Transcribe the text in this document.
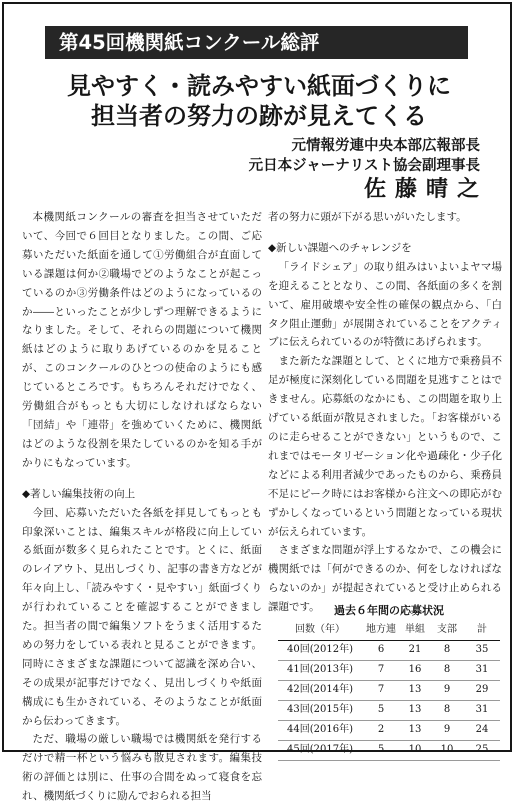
第45回機関紙コンクール総評
見やすく・読みやすい紙面づくりに
担当者の努力の跡が見えてくる
元情報労連中央本部広報部長
元日本ジャーナリスト協会副理事長
佐藤晴之

本機関紙コンクールの審査を担当させていただいて、今回で６回目となりました。この間、ご応募いただいた紙面を通して①労働組合が直面している課題は何か②職場でどのようなことが起こっているのか③労働条件はどのようになっているのか――といったことが少しずつ理解できるようになりました。そして、それらの問題について機関紙はどのように取りあげているのかを見ることが、このコンクールのひとつの使命のようにも感じているところです。もちろんそれだけでなく、労働組合がもっとも大切にしなければならない「団結」や「連帯」を強めていくために、機関紙はどのような役割を果たしているのかを知る手がかりにもなっています。

◆著しい編集技術の向上

今回、応募いただいた各紙を拝見してもっとも印象深いことは、編集スキルが格段に向上している紙面が数多く見られたことです。とくに、紙面のレイアウト、見出しづくり、記事の書き方などが年々向上し、「読みやすく・見やすい」紙面づくりが行われていることを確認することができました。担当者の間で編集ソフトをうまく活用するための努力をしている表れと見ることができます。同時にさまざまな課題について認識を深め合い、その成果が記事だけでなく、見出しづくりや紙面構成にも生かされている、そのようなことが紙面から伝わってきます。

ただ、職場の厳しい職場では機関紙を発行するだけで精一杯という悩みも散見されます。編集技術の評価とは別に、仕事の合間をぬって寝食を忘れ、機関紙づくりに励んでおられる担当

者の努力に頭が下がる思いがいたします。

◆新しい課題へのチャレンジを

「ライドシェア」の取り組みはいよいよヤマ場を迎えることとなり、この間、各紙面の多くを割いて、雇用破壊や安全性の確保の観点から、「白タク阻止運動」が展開されていることをアクティブに伝えられているのが特徴にあげられます。

また新たな課題として、とくに地方で乗務員不足が極度に深刻化している問題を見逃すことはできません。応募紙のなかにも、この問題を取り上げている紙面が散見されました。「お客様がいるのに走らせることができない」というもので、これまではモータリゼーション化や過疎化・少子化などによる利用者減少であったものから、乗務員不足にピーク時にはお客様から注文への即応がむずかしくなっているという問題となっている現状が伝えられています。

さまざまな問題が浮上するなかで、この機会に機関紙では「何ができるのか、何をしなければならないのか」が提起されていると受け止められる課題です。	過去６年間の応募状況
回数（年）	地方連 単組	支部	計
40回(2012年)	6	21	8	35
41回(2013年)	7	16	8	31
42回(2014年)	7	13	9	29
43回(2015年)	5	13	8	31
44回(2016年)	2	13	9	24
45回(2017年)	5	10	10	25
